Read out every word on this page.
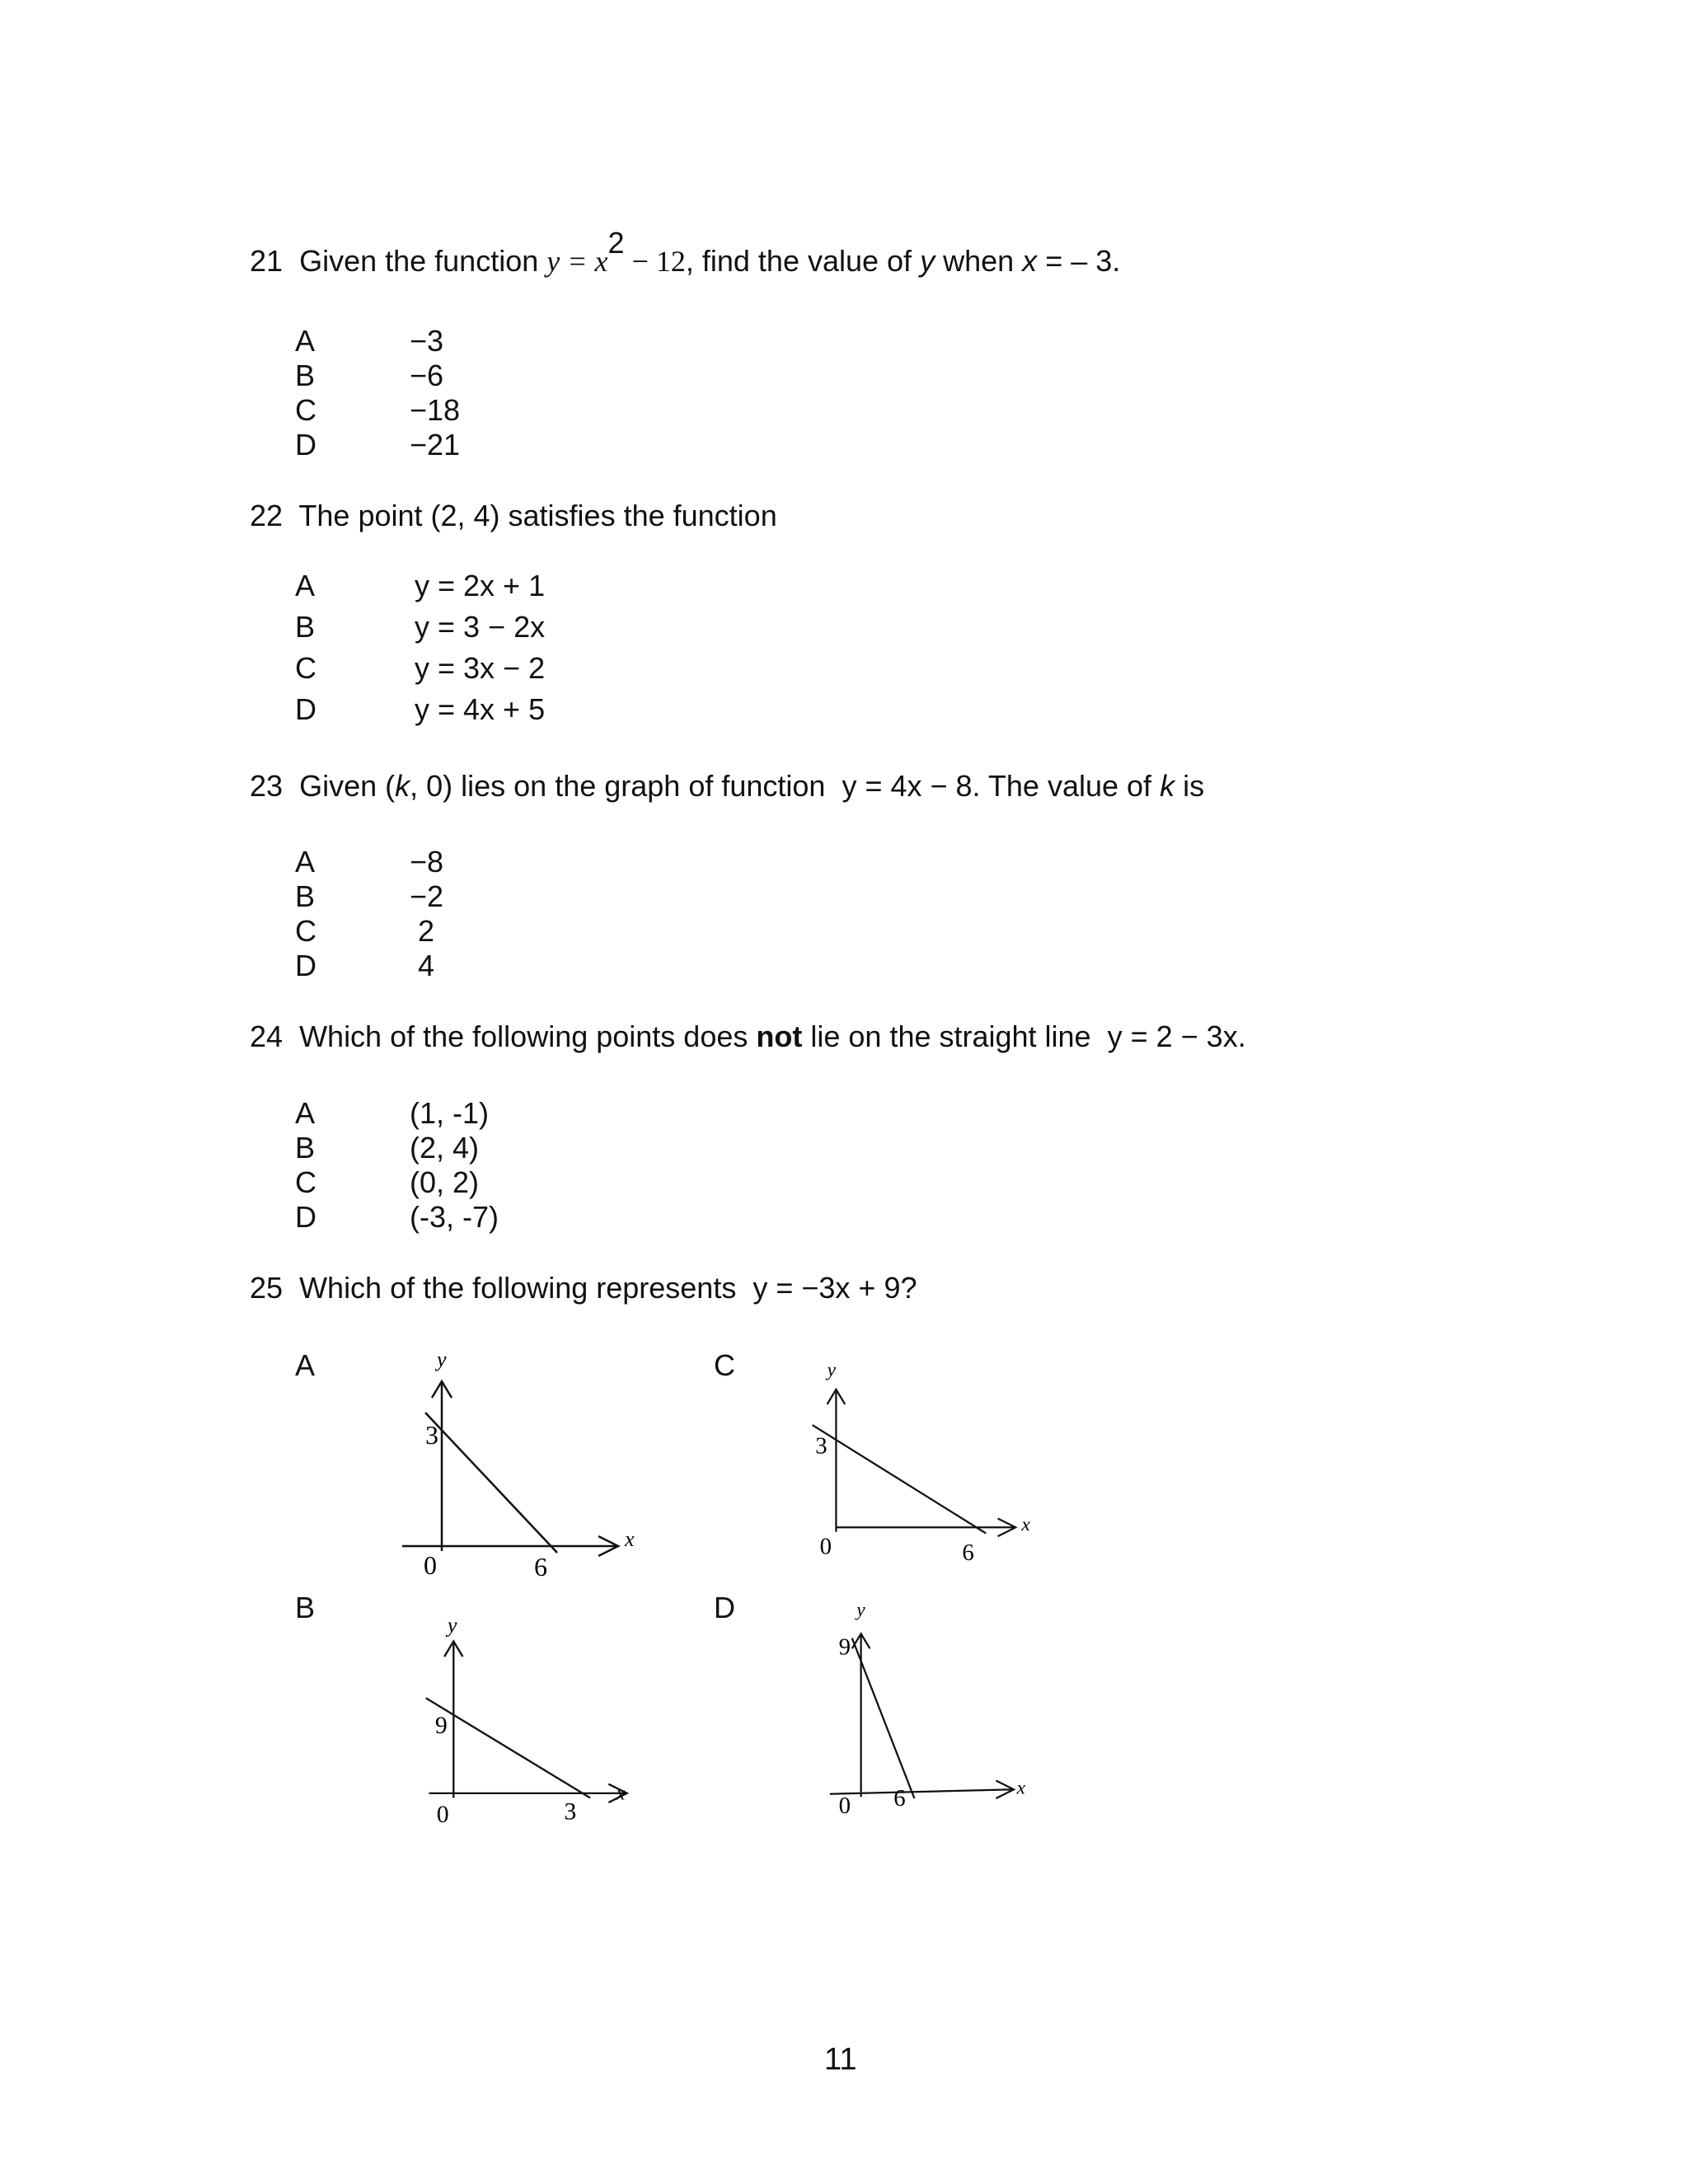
21 Given the function y = x2 − 12, find the value of y when x = – 3.
A	−3
B	−6
C	−18
D	−21
22 The point (2, 4) satisfies the function
A	y = 2x + 1
B	y = 3 − 2x
C	y = 3x − 2
D	y = 4x + 5
23 Given (k, 0) lies on the graph of function y = 4x − 8. The value of k is
A	−8
B	−2
C	2
D	4
24 Which of the following points does not lie on the straight line y = 2 − 3x.
A	(1, -1)
B	(2, 4)
C	(0, 2)
D	(-3, -7)
25 Which of the following represents y = −3x + 9?
A	C
B	D
y
x
3
0	6
y
x
3
0	6
y
x
9
0	3
y
x
9
0 6
11
